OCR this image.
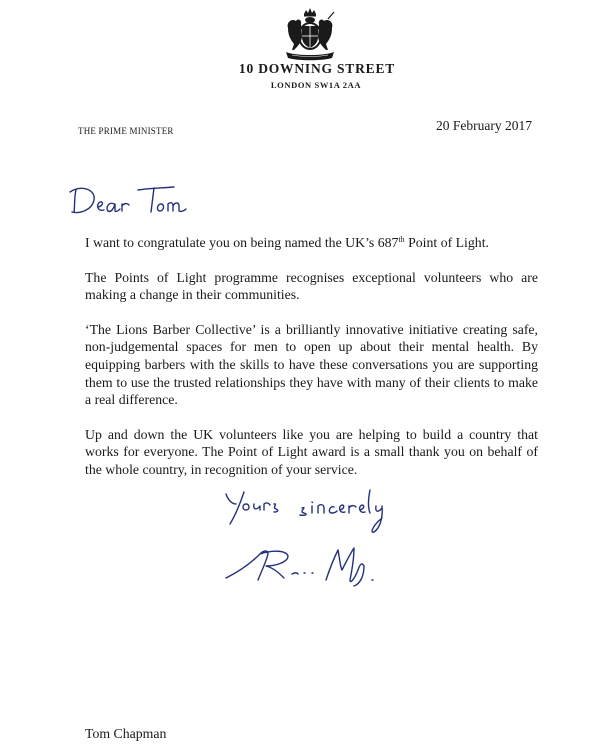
10 DOWNING STREET
LONDON SW1A 2AA
THE PRIME MINISTER	20 February 2017

I want to congratulate you on being named the UK’s 687th Point of Light.

The Points of Light programme recognises exceptional volunteers who are making a change in their communities.

‘The Lions Barber Collective’ is a brilliantly innovative initiative creating safe, non-judgemental spaces for men to open up about their mental health. By equipping barbers with the skills to have these conversations you are supporting them to use the trusted relationships they have with many of their clients to make a real difference.

Up and down the UK volunteers like you are helping to build a country that works for everyone. The Point of Light award is a small thank you on behalf of the whole country, in recognition of your service.

Tom Chapman
